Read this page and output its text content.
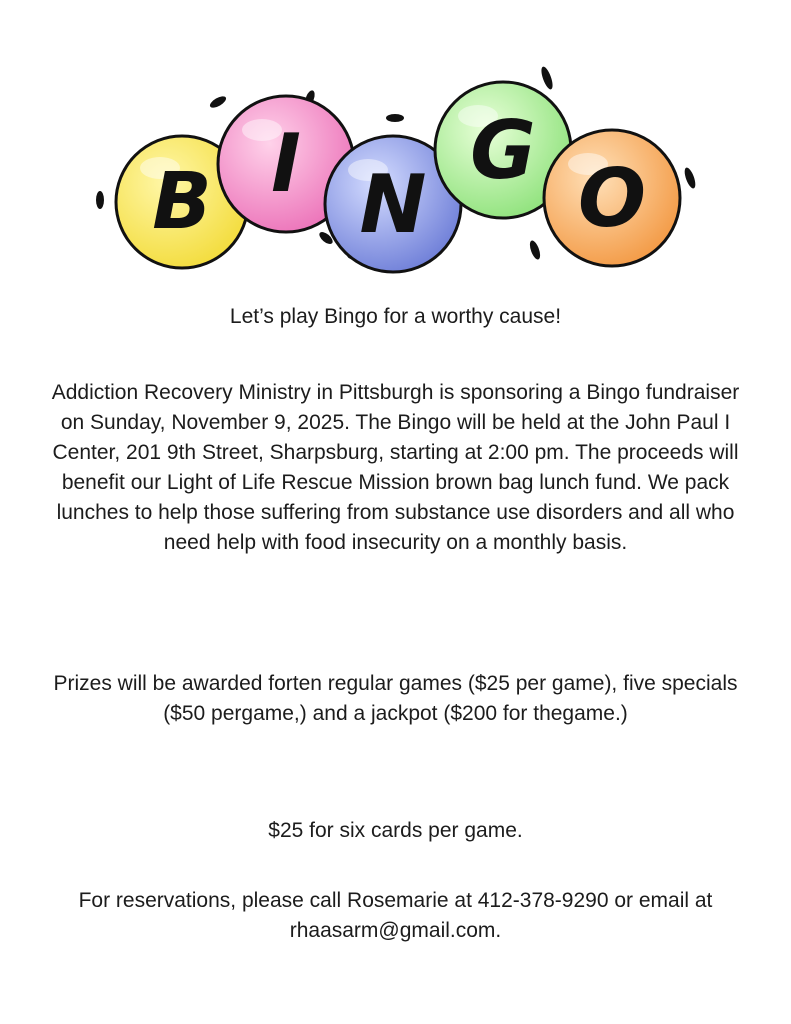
B I N
G
O

Let’s play Bingo for a worthy cause!

Addiction Recovery Ministry in Pittsburgh is sponsoring a Bingo fundraiser on Sunday, November 9, 2025. The Bingo will be held at the John Paul I Center, 201 9th Street, Sharpsburg, starting at 2:00 pm. The proceeds will benefit our Light of Life Rescue Mission brown bag lunch fund. We pack lunches to help those suffering from substance use disorders and all who need help with food insecurity on a monthly basis.

Prizes will be awarded forten regular games ($25 per game), five specials ($50 pergame,) and a jackpot ($200 for thegame.)

$25 for six cards per game.

For reservations, please call Rosemarie at 412-378-9290 or email at rhaasarm@gmail.com.
